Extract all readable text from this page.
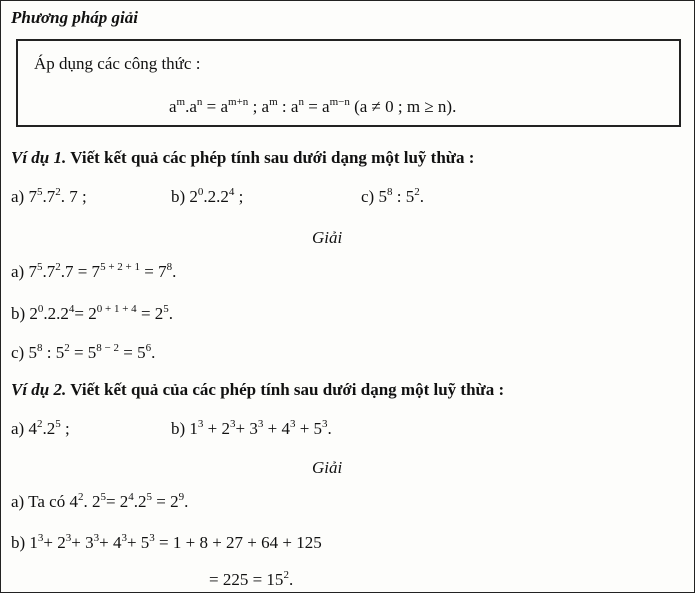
Phương pháp giải
Áp dụng các công thức :
$a^m.a^n = a^{m+n}$ ; $a^m$ : $a^n = a^{m-n}$ (a ≠ 0 ; m ≥ n).
Ví dụ 1. Viết kết quả các phép tính sau dưới dạng một luỹ thừa :
a) $7^5.7^2$. 7 ;	b) $2^0.2.2^4$ ;	c) $5^8$ : $5^2$.
Giải
a) $7^5.7^2.7 = 7^{5 + 2 + 1} = 7^8$.
b) $2^0.2.2^4= 2^{0 + 1 + 4} = 2^5$.
c) $5^8$ : $5^2 = 5^{8 - 2} = 5^6$.
Ví dụ 2. Viết kết quả của các phép tính sau dưới dạng một luỹ thừa :
a) $4^2.2^5$ ;	b) $1^3 + 2^3+ 3^3 + 4^3 + 5^3$.
Giải
a) Ta có $4^2$. $2^5= 2^4.2^5 = 2^9$.
b) $1^3+ 2^3+ 3^3+ 4^3+ 5^3 = 1 + 8 + 27 + 64 + 125$
= $225 = 15^2$.
